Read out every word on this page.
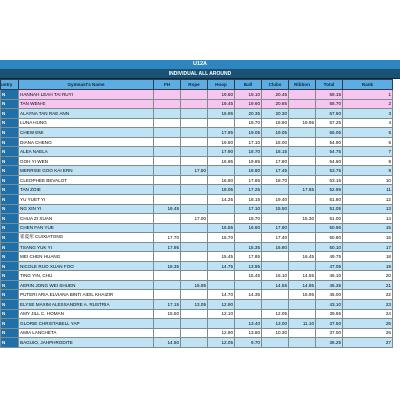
U12A
INDIVIDUAL ALL AROUND
untry	Gymnast's Name	FH	Rope	Hoop	Ball	Clubs	Ribbon	Total	Rank
N	HANNAH LEAH TAI RUYI			19.60	19.10	20.45		59.15	1
N	TAN WEN-E			18.45	19.60	20.65		58.70	2
N	ALAYNA TAN RAE ANN			16.95	20.35	20.30		57.60	3
N	LUNA HUNG				18.70	18.60	19.95	57.25	4
N	CHEW EMI			17.95	19.05	19.05		56.05	5
N	DIANA CHENG			19.80	17.10	18.00		54.90	6
N	ALEA NAELA			17.90	18.70	18.15		54.75	7
N	GOH YI WEN			16.95	19.85	17.80		54.60	8
N	MERRISE GOO KAI ERN		17.50		18.80	17.45		53.75	9
N	CLEOPHEE BEVALOT			16.80	17.65	18.70		53.15	10
N	TAN ZOIE			18.05	17.25		17.65	52.95	11
N	YU YUET YI			14.25	18.15	19.40		51.80	12
N	NG XIN YI	16.45			17.10	15.50		51.05	13
N	CHUA ZI XUAN		17.00		18.70		15.30	51.00	14
N	CHEN FAN YUE			16.55	16.60	17.80		50.95	15
N	崔夏彤 CUIXIATONG	17.70		15.70		17.40		50.80	16
N	TSANG YUK YI	17.95			15.35	16.80		50.10	17
N	MEI CHEN HUANG			15.45	17.85		16.45	49.75	18
N	NICOLE RUO XUAN FOO	18.35		14.75	13.95			47.05	19
N	TING YIN, CHU				15.45	16.10	14.55	46.10	20
N	AERIN JONG WEI SHUEN		15.95			14.55	14.85	45.35	21
N	PUTERI ARIA ELVIANA BINTI AIDIL KHAIZIR			14.70	14.35		15.95	45.00	22
N	ELYSE MAXIM ALESSANDRE A. RUSTRIA	17.15	13.05	12.90				43.10	23
N	AMY JILL C. HOMAN	15.50		12.10		12.05		39.65	24
N	GLORIE CHRISTABELL YAP				13.40	13.00	11.10	37.50	25
N	AMIA LANCHETA			12.90	13.80	10.30		37.00	26
N	BAGUIO, JAHPHRODITE	14.50		12.05	9.70			36.25	27
